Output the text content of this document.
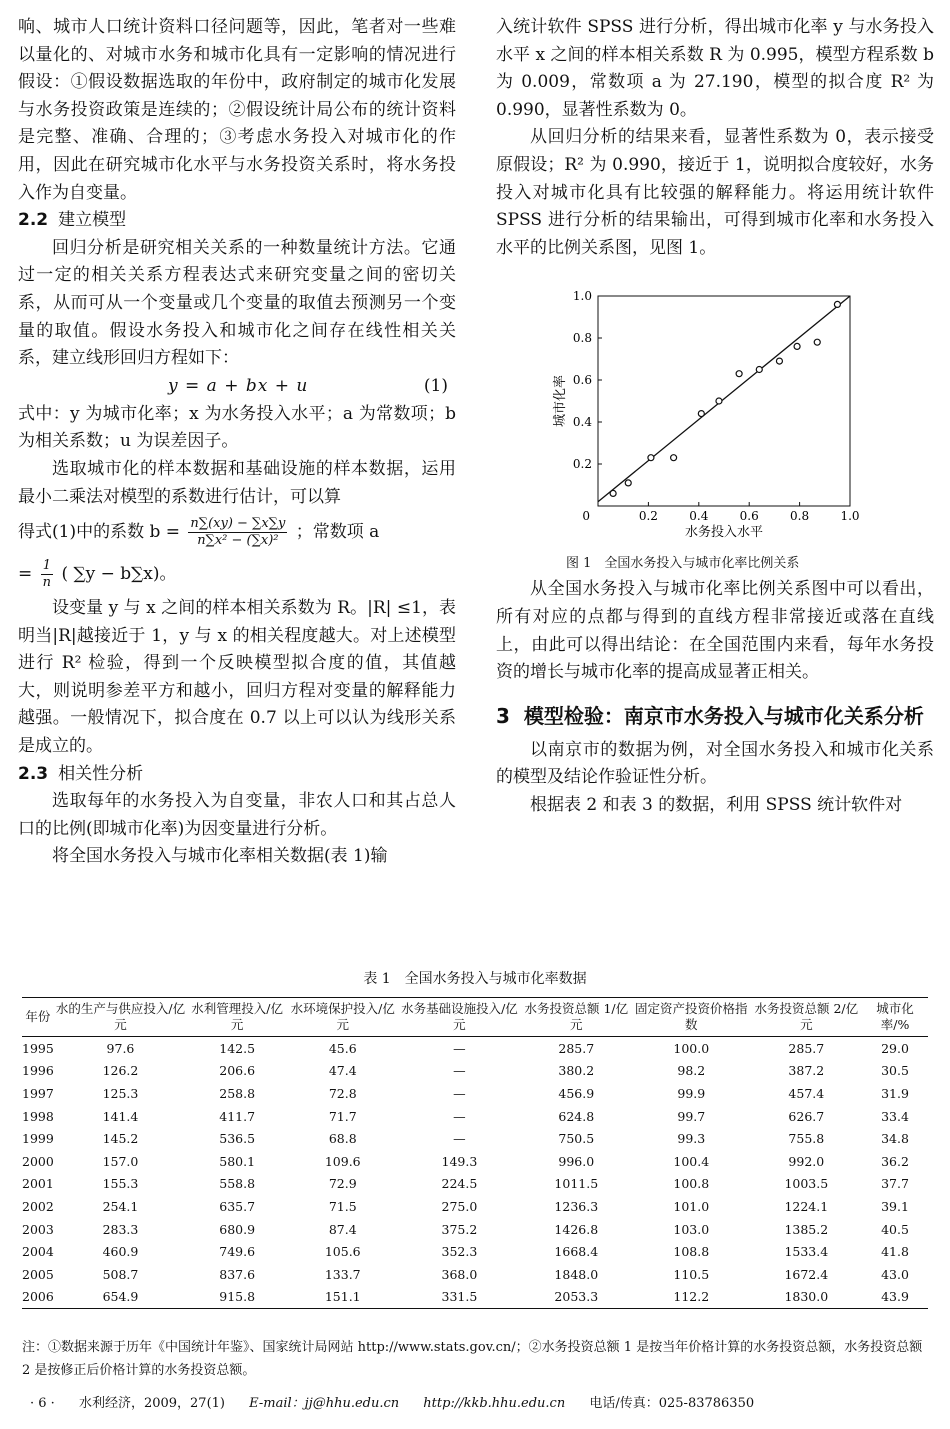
响、城市人口统计资料口径问题等，因此，笔者对一些难以量化的、对城市水务和城市化具有一定影响的情况进行假设：①假设数据选取的年份中，政府制定的城市化发展与水务投资政策是连续的；②假设统计局公布的统计资料是完整、准确、合理的；③考虑水务投入对城市化的作用，因此在研究城市化水平与水务投资关系时，将水务投入作为自变量。

2.2 建立模型

回归分析是研究相关关系的一种数量统计方法。它通过一定的相关关系方程表达式来研究变量之间的密切关系，从而可从一个变量或几个变量的取值去预测另一个变量的取值。假设水务投入和城市化之间存在线性相关关系，建立线形回归方程如下：

y = a + bx + u	(1)

式中：y 为城市化率；x 为水务投入水平；a 为常数项；b 为相关系数；u 为误差因子。

选取城市化的样本数据和基础设施的样本数据，运用最小二乘法对模型的系数进行估计，可以算

得式(1)中的系数 $b = \frac{n\sum(xy) - \sum x\sum y}{\text{n∑x² − (∑x)²}}$ ；常数项 a
= $\frac{1}{n}$ ( ∑y − b∑x)。

设变量 y 与 x 之间的样本相关系数为 R。|R| ≤1，表明当|R|越接近于 1，y 与 x 的相关程度越大。对上述模型进行 R² 检验，得到一个反映模型拟合度的值，其值越大，则说明参差平方和越小，回归方程对变量的解释能力越强。一般情况下，拟合度在 0.7 以上可以认为线形关系是成立的。

2.3 相关性分析

选取每年的水务投入为自变量，非农人口和其占总人口的比例(即城市化率)为因变量进行分析。

将全国水务投入与城市化率相关数据(表 1)输

入统计软件 SPSS 进行分析，得出城市化率 y 与水务投入水平 x 之间的样本相关系数 R 为 0.995，模型方程系数 b 为 0.009，常数项 a 为 27.190，模型的拟合度 R² 为 0.990，显著性系数为 0。

从回归分析的结果来看，显著性系数为 0，表示接受原假设；R² 为 0.990，接近于 1，说明拟合度较好，水务投入对城市化具有比较强的解释能力。将运用统计软件 SPSS 进行分析的结果输出，可得到城市化率和水务投入水平的比例关系图，见图 1。

从全国水务投入与城市化率比例关系图中可以看出，所有对应的点都与得到的直线方程非常接近或落在直线上，由此可以得出结论：在全国范围内来看，每年水务投资的增长与城市化率的提高成显著正相关。

3 模型检验：南京市水务投入与城市化关系分析

以南京市的数据为例，对全国水务投入和城市化关系的模型及结论作验证性分析。

根据表 2 和表 3 的数据，利用 SPSS 统计软件对

0.2	0.4	0.6	0.8	1.0
0.2
0.4
0.6
0.8
1.0
0
水务投入水平
城市化率
图 1　全国水务投入与城市化率比例关系
表 1　全国水务投入与城市化率数据
年份	水的生产与供应投入/亿元	水利管理投入/亿元	水环境保护投入/亿元	水务基础设施投入/亿元	水务投资总额 1/亿元	固定资产投资价格指数	水务投资总额 2/亿元	城市化率/%
1995	97.6	142.5	45.6	—	285.7	100.0	285.7	29.0
1996	126.2	206.6	47.4	—	380.2	98.2	387.2	30.5
1997	125.3	258.8	72.8	—	456.9	99.9	457.4	31.9
1998	141.4	411.7	71.7	—	624.8	99.7	626.7	33.4
1999	145.2	536.5	68.8	—	750.5	99.3	755.8	34.8
2000	157.0	580.1	109.6	149.3	996.0	100.4	992.0	36.2
2001	155.3	558.8	72.9	224.5	1011.5	100.8	1003.5	37.7
2002	254.1	635.7	71.5	275.0	1236.3	101.0	1224.1	39.1
2003	283.3	680.9	87.4	375.2	1426.8	103.0	1385.2	40.5
2004	460.9	749.6	105.6	352.3	1668.4	108.8	1533.4	41.8
2005	508.7	837.6	133.7	368.0	1848.0	110.5	1672.4	43.0
2006	654.9	915.8	151.1	331.5	2053.3	112.2	1830.0	43.9
注：①数据来源于历年《中国统计年鉴》、国家统计局网站 http://www.stats.gov.cn/；②水务投资总额 1 是按当年价格计算的水务投资总额，水务投资总额 2 是按修正后价格计算的水务投资总额。
· 6 · 水利经济，2009，27(1) E-mail：jj@hhu.edu.cn http://kkb.hhu.edu.cn 电话/传真：025-83786350
